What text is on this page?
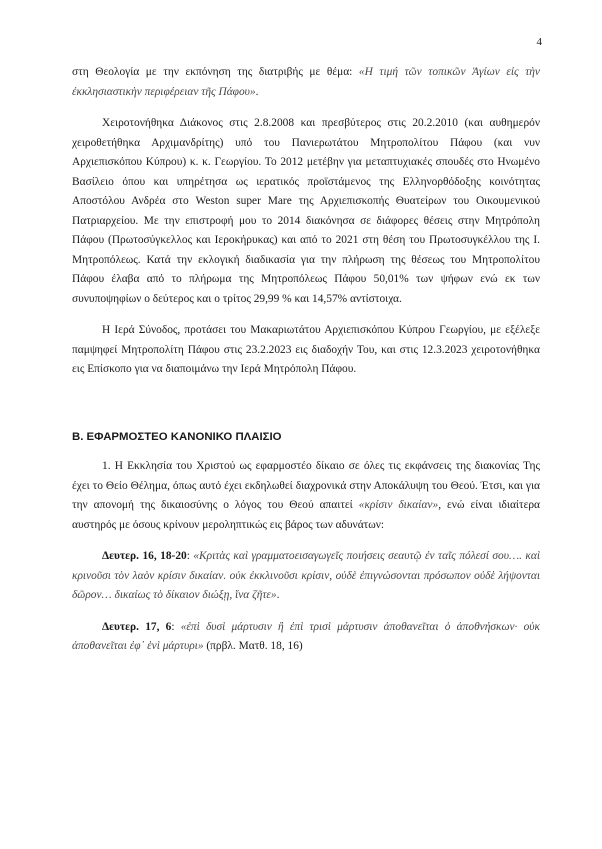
4

στη Θεολογία με την εκπόνηση της διατριβής με θέμα: «Η τιμή τῶν τοπικῶν Ἁγίων εἰς τὴν ἐκκλησιαστικὴν περιφέρειαν τῆς Πάφου».

Χειροτονήθηκα Διάκονος στις 2.8.2008 και πρεσβύτερος στις 20.2.2010 (και αυθημερόν χειροθετήθηκα Αρχιμανδρίτης) υπό του Πανιερωτάτου Μητροπολίτου Πάφου (και νυν Αρχιεπισκόπου Κύπρου) κ. κ. Γεωργίου. Το 2012 μετέβην για μεταπτυχιακές σπουδές στο Ηνωμένο Βασίλειο όπου και υπηρέτησα ως ιερατικός προϊστάμενος της Ελληνορθόδοξης κοινότητας Αποστόλου Ανδρέα στο Weston super Mare της Αρχιεπισκοπής Θυατείρων του Οικουμενικού Πατριαρχείου. Με την επιστροφή μου το 2014 διακόνησα σε διάφορες θέσεις στην Μητρόπολη Πάφου (Πρωτοσύγκελλος και Ιεροκήρυκας) και από το 2021 στη θέση του Πρωτοσυγκέλλου της Ι. Μητροπόλεως. Κατά την εκλογική διαδικασία για την πλήρωση της θέσεως του Μητροπολίτου Πάφου έλαβα από το πλήρωμα της Μητροπόλεως Πάφου 50,01% των ψήφων ενώ εκ των συνυποψηφίων ο δεύτερος και ο τρίτος 29,99 % και 14,57% αντίστοιχα.

Η Ιερά Σύνοδος, προτάσει του Μακαριωτάτου Αρχιεπισκόπου Κύπρου Γεωργίου, με εξέλεξε παμψηφεί Μητροπολίτη Πάφου στις 23.2.2023 εις διαδοχήν Του, και στις 12.3.2023 χειροτονήθηκα εις Επίσκοπο για να διαποιμάνω την Ιερά Μητρόπολη Πάφου.

Β. ΕΦΑΡΜΟΣΤΕΟ ΚΑΝΟΝΙΚΟ ΠΛΑΙΣΙΟ

1. Η Εκκλησία του Χριστού ως εφαρμοστέο δίκαιο σε όλες τις εκφάνσεις της διακονίας Της έχει το Θείο Θέλημα, όπως αυτό έχει εκδηλωθεί διαχρονικά στην Αποκάλυψη του Θεού. Έτσι, και για την απονομή της δικαιοσύνης ο λόγος του Θεού απαιτεί «κρίσιν δικαίαν», ενώ είναι ιδιαίτερα αυστηρός με όσους κρίνουν μεροληπτικώς εις βάρος των αδυνάτων:

Δευτερ. 16, 18-20: «Κριτὰς καὶ γραμματοεισαγωγεῖς ποιήσεις σεαυτῷ ἐν ταῖς πόλεσί σου…. καὶ κρινοῦσι τὸν λαὸν κρίσιν δικαίαν. οὐκ ἐκκλινοῦσι κρίσιν, οὐδὲ ἐπιγνώσονται πρόσωπον οὐδὲ λήψονται δῶρον… δικαίως τὸ δίκαιον διώξῃ, ἵνα ζῆτε».

Δευτερ. 17, 6: «ἐπὶ δυσὶ μάρτυσιν ἢ ἐπὶ τρισὶ μάρτυσιν ἀποθανεῖται ὁ ἀποθνήσκων· οὐκ ἀποθανεῖται ἐφ᾽ ἑνὶ μάρτυρι» (πρβλ. Ματθ. 18, 16)
